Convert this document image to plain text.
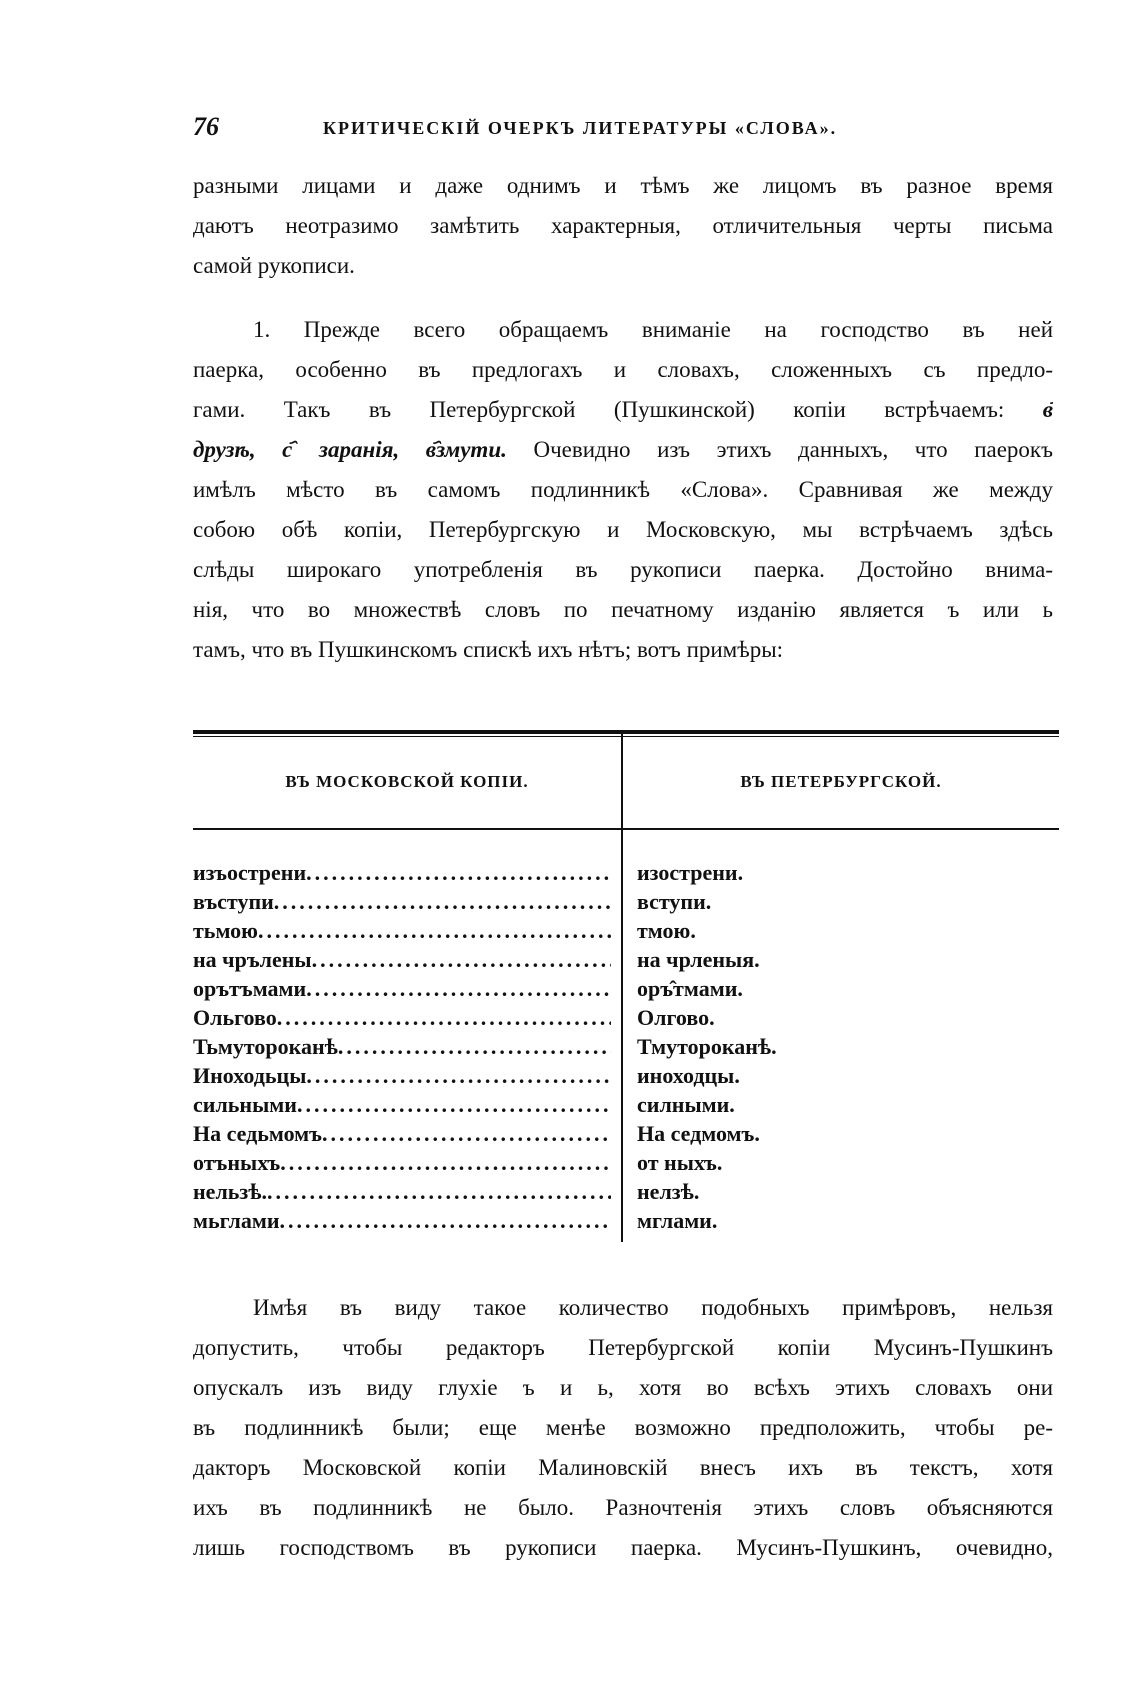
76	КРИТИЧЕСКІЙ ОЧЕРКЪ ЛИТЕРАТУРЫ «СЛОВА».
разными лицами и даже однимъ и тѣмъ же лицомъ въ разное время
даютъ неотразимо замѣтить характерныя, отличительныя черты письма
самой рукописи.
1. Прежде всего обращаемъ вниманіе на господство въ ней
паерка, особенно въ предлогахъ и словахъ, сложенныхъ съ предло-
гами. Такъ въ Петербургской (Пушкинской) копіи встрѣчаемъ: в҄
друзѣ, с҄ заранія, в҄змути. Очевидно изъ этихъ данныхъ, что паерокъ
имѣлъ мѣсто въ самомъ подлинникѣ «Слова». Сравнивая же между
собою обѣ копіи, Петербургскую и Московскую, мы встрѣчаемъ здѣсь
слѣды широкаго употребленія въ рукописи паерка. Достойно внима-
нія, что во множествѣ словъ по печатному изданію является ъ или ь
тамъ, что въ Пушкинскомъ спискѣ ихъ нѣтъ; вотъ примѣры:
ВЪ МОСКОВСКОЙ КОПІИ.	ВЪ ПЕТЕРБУРГСКОЙ.
изъострени
.....
въступи
.....
тьмою
.....
на чрълены
.....
орътъмами
.....
Ольгово
.....
Тьмутороканѣ
.....
Иноходьцы
.....
сильными
.....
На седьмомъ
.....
отъныхъ
.....
нельзѣ.
.....
мьглами
.....
изострени.
вступи.
тмою.
на чрленыя.
оръ̂тмами.
Олгово.
Тмутороканѣ.
иноходцы.
силными.
На седмомъ.
от ныхъ.
нелзѣ.
мглами.
Имѣя въ виду такое количество подобныхъ примѣровъ, нельзя
допустить, чтобы редакторъ Петербургской копіи Мусинъ-Пушкинъ
опускалъ изъ виду глухіе ъ и ь, хотя во всѣхъ этихъ словахъ они
въ подлинникѣ были; еще менѣе возможно предположить, чтобы ре-
дакторъ Московской копіи Малиновскій внесъ ихъ въ текстъ, хотя
ихъ въ подлинникѣ не было. Разночтенія этихъ словъ объясняются
лишь господствомъ въ рукописи паерка. Мусинъ-Пушкинъ, очевидно,
